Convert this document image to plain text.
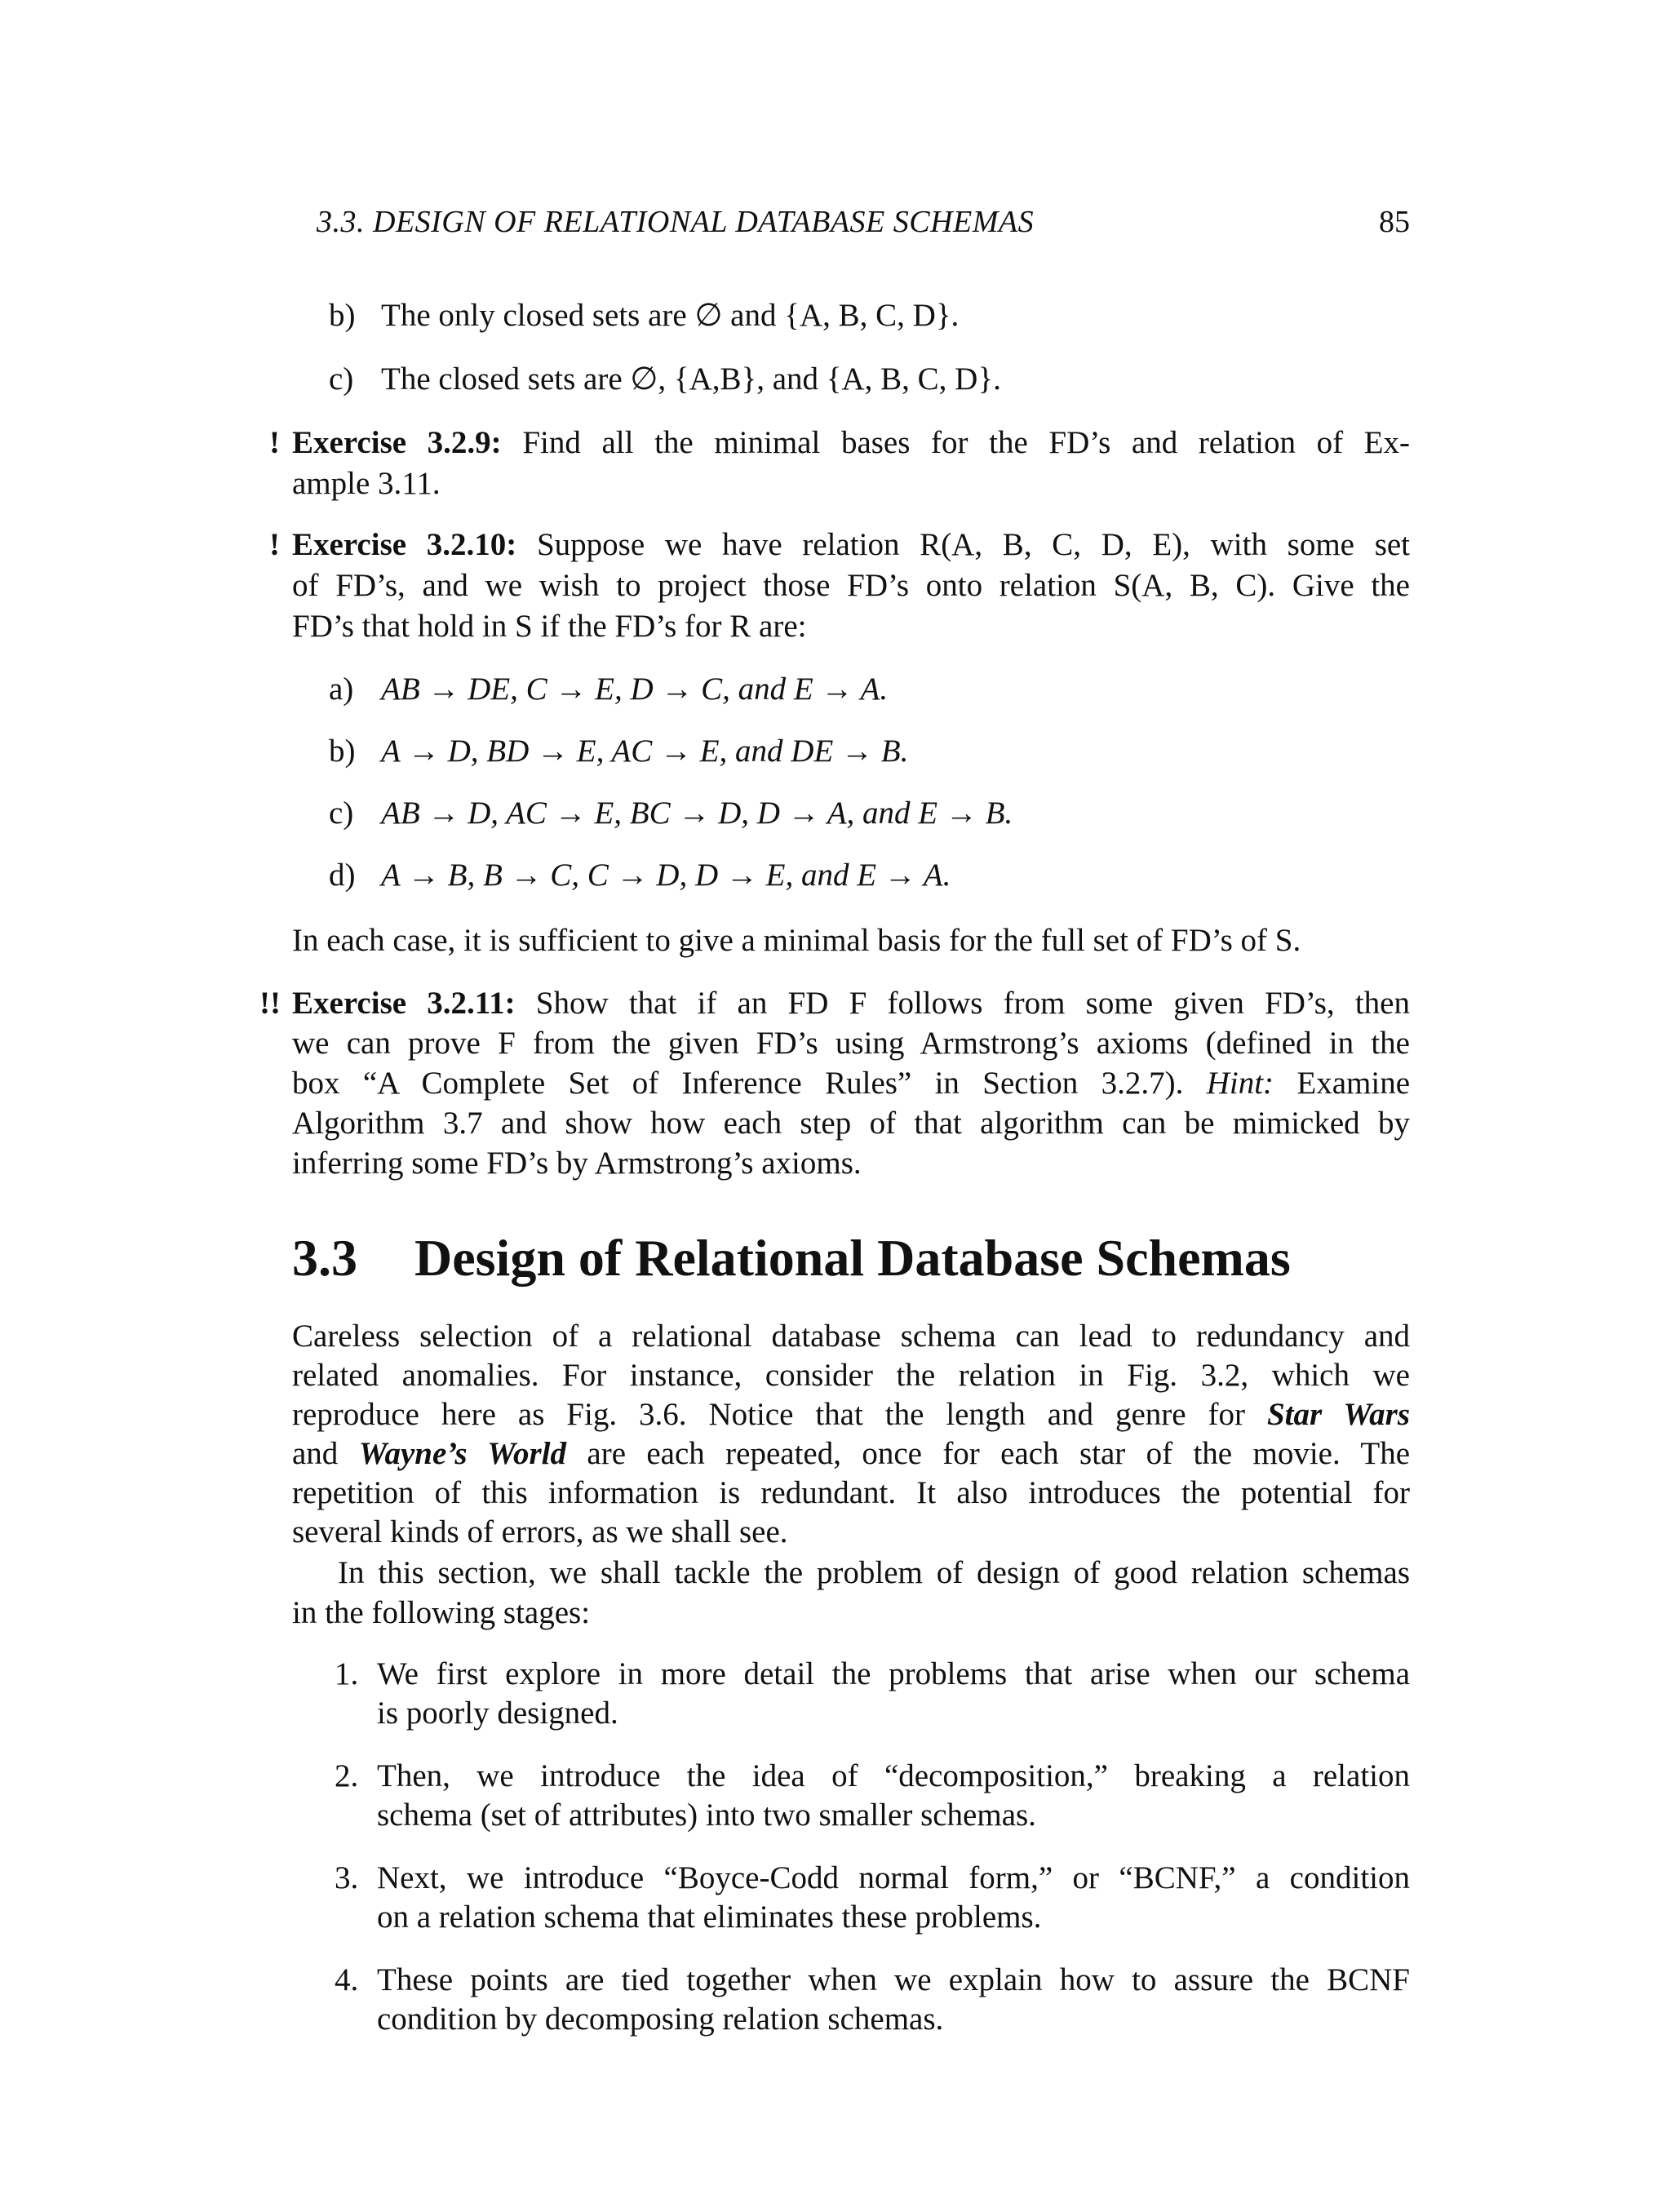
3.3. DESIGN OF RELATIONAL DATABASE SCHEMAS	85
b) The only closed sets are ∅ and {A, B, C, D}.
c) The closed sets are ∅, {A,B}, and {A, B, C, D}.
! Exercise 3.2.9: Find all the minimal bases for the FD’s and relation of Ex-
ample 3.11.
! Exercise 3.2.10: Suppose we have relation R(A, B, C, D, E), with some set
of FD’s, and we wish to project those FD’s onto relation S(A, B, C). Give the
FD’s that hold in S if the FD’s for R are:
a) AB → DE, C → E, D → C, and E → A.
b) A → D, BD → E, AC → E, and DE → B.
c) AB → D, AC → E, BC → D, D → A, and E → B.
d) A → B, B → C, C → D, D → E, and E → A.
In each case, it is sufficient to give a minimal basis for the full set of FD’s of S.
!! Exercise 3.2.11: Show that if an FD F follows from some given FD’s, then
we can prove F from the given FD’s using Armstrong’s axioms (defined in the
box “A Complete Set of Inference Rules” in Section 3.2.7). Hint: Examine
Algorithm 3.7 and show how each step of that algorithm can be mimicked by
inferring some FD’s by Armstrong’s axioms.
3.3 Design of Relational Database Schemas
Careless selection of a relational database schema can lead to redundancy and
related anomalies. For instance, consider the relation in Fig. 3.2, which we
reproduce here as Fig. 3.6. Notice that the length and genre for Star Wars
and Wayne’s World are each repeated, once for each star of the movie. The
repetition of this information is redundant. It also introduces the potential for
several kinds of errors, as we shall see.
In this section, we shall tackle the problem of design of good relation schemas
in the following stages:
1. We first explore in more detail the problems that arise when our schema
is poorly designed.
2. Then, we introduce the idea of “decomposition,” breaking a relation
schema (set of attributes) into two smaller schemas.
3. Next, we introduce “Boyce-Codd normal form,” or “BCNF,” a condition
on a relation schema that eliminates these problems.
4. These points are tied together when we explain how to assure the BCNF
condition by decomposing relation schemas.
